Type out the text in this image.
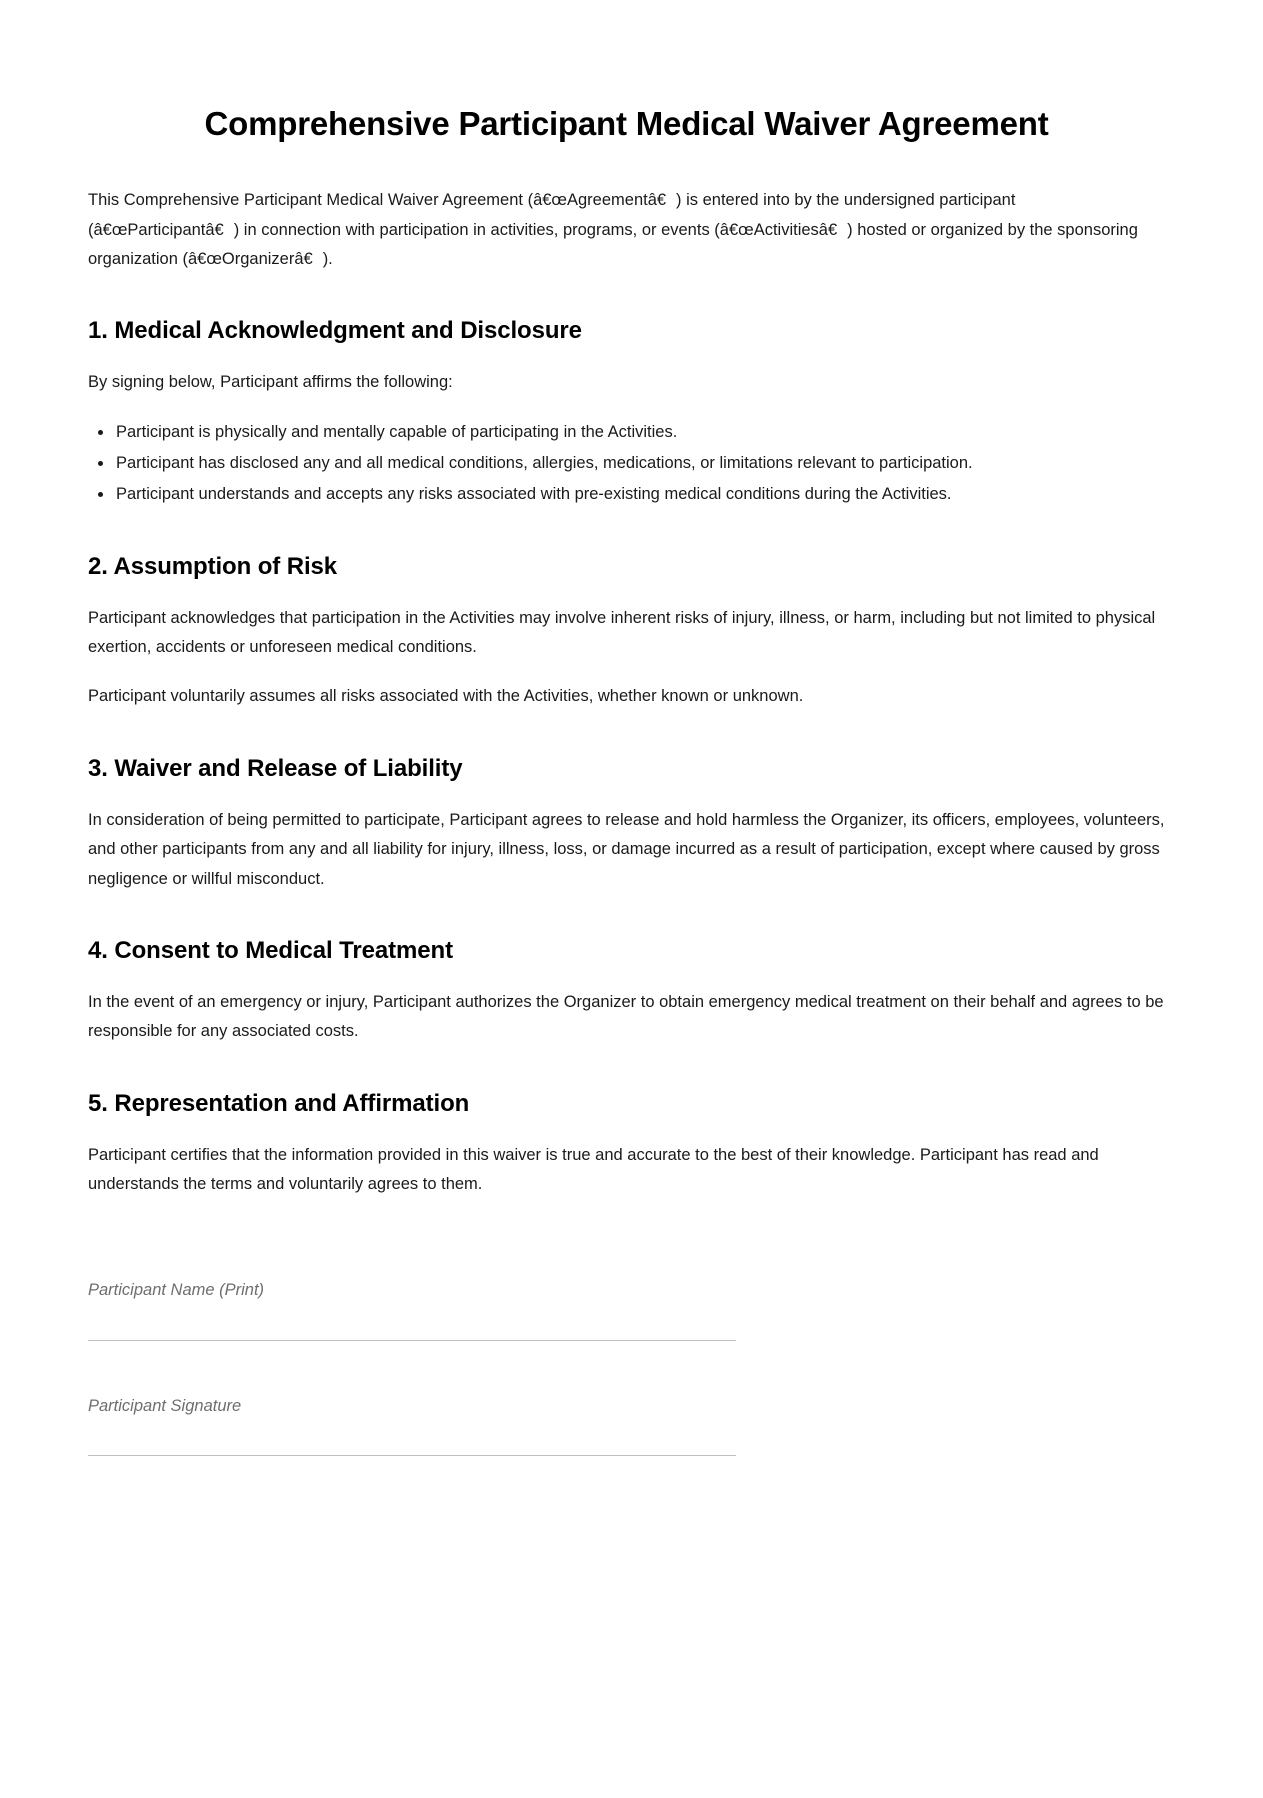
Comprehensive Participant Medical Waiver Agreement

This Comprehensive Participant Medical Waiver Agreement (â€œAgreementâ€) is entered into by the undersigned participant (â€œParticipantâ€) in connection with participation in activities, programs, or events (â€œActivitiesâ€) hosted or organized by the sponsoring organization (â€œOrganizerâ€).

1. Medical Acknowledgment and Disclosure

By signing below, Participant affirms the following:

• Participant is physically and mentally capable of participating in the Activities.
• Participant has disclosed any and all medical conditions, allergies, medications, or limitations relevant to participation.
• Participant understands and accepts any risks associated with pre-existing medical conditions during the Activities.
2. Assumption of Risk

Participant acknowledges that participation in the Activities may involve inherent risks of injury, illness, or harm, including but not limited to physical exertion, accidents or unforeseen medical conditions.

Participant voluntarily assumes all risks associated with the Activities, whether known or unknown.

3. Waiver and Release of Liability

In consideration of being permitted to participate, Participant agrees to release and hold harmless the Organizer, its officers, employees, volunteers, and other participants from any and all liability for injury, illness, loss, or damage incurred as a result of participation, except where caused by gross negligence or willful misconduct.

4. Consent to Medical Treatment

In the event of an emergency or injury, Participant authorizes the Organizer to obtain emergency medical treatment on their behalf and agrees to be responsible for any associated costs.

5. Representation and Affirmation

Participant certifies that the information provided in this waiver is true and accurate to the best of their knowledge. Participant has read and understands the terms and voluntarily agrees to them.

Participant Name (Print)
Participant Signature
